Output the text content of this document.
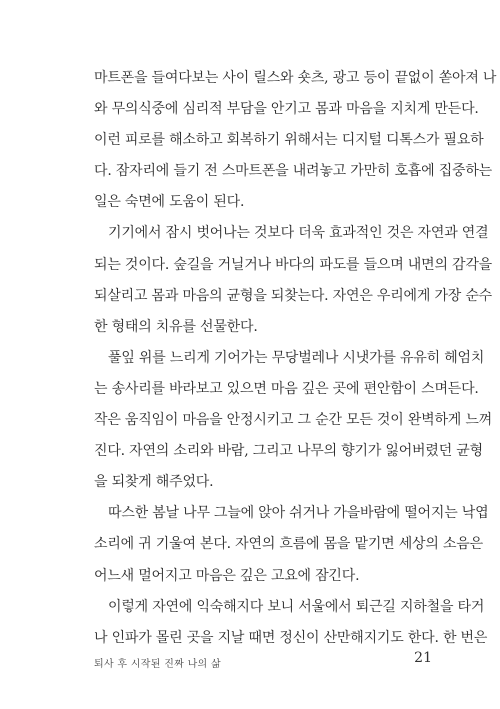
마트폰을 들여다보는 사이 릴스와 숏츠, 광고 등이 끝없이 쏟아져 나
와 무의식중에 심리적 부담을 안기고 몸과 마음을 지치게 만든다.
이런 피로를 해소하고 회복하기 위해서는 디지털 디톡스가 필요하
다. 잠자리에 들기 전 스마트폰을 내려놓고 가만히 호흡에 집중하는
일은 숙면에 도움이 된다.
기기에서 잠시 벗어나는 것보다 더욱 효과적인 것은 자연과 연결
되는 것이다. 숲길을 거닐거나 바다의 파도를 들으며 내면의 감각을
되살리고 몸과 마음의 균형을 되찾는다. 자연은 우리에게 가장 순수
한 형태의 치유를 선물한다.
풀잎 위를 느리게 기어가는 무당벌레나 시냇가를 유유히 헤엄치
는 송사리를 바라보고 있으면 마음 깊은 곳에 편안함이 스며든다.
작은 움직임이 마음을 안정시키고 그 순간 모든 것이 완벽하게 느껴
진다. 자연의 소리와 바람, 그리고 나무의 향기가 잃어버렸던 균형
을 되찾게 해주었다.
따스한 봄날 나무 그늘에 앉아 쉬거나 가을바람에 떨어지는 낙엽
소리에 귀 기울여 본다. 자연의 흐름에 몸을 맡기면 세상의 소음은
어느새 멀어지고 마음은 깊은 고요에 잠긴다.
이렇게 자연에 익숙해지다 보니 서울에서 퇴근길 지하철을 타거
나 인파가 몰린 곳을 지날 때면 정신이 산만해지기도 한다. 한 번은
퇴사 후 시작된 진짜 나의 삶	21
